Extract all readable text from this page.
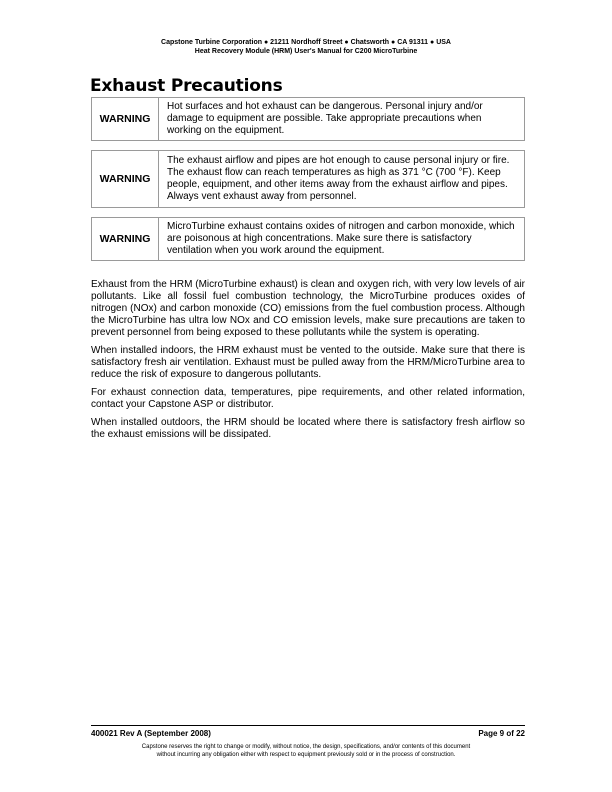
Capstone Turbine Corporation ● 21211 Nordhoff Street ● Chatsworth ● CA 91311 ● USA
Heat Recovery Module (HRM) User's Manual for C200 MicroTurbine
Exhaust Precautions
WARNING	Hot surfaces and hot exhaust can be dangerous. Personal injury and/or damage to equipment are possible. Take appropriate precautions when working on the equipment.
WARNING	The exhaust airflow and pipes are hot enough to cause personal injury or fire. The exhaust flow can reach temperatures as high as 371 °C (700 °F). Keep people, equipment, and other items away from the exhaust airflow and pipes. Always vent exhaust away from personnel.
WARNING	MicroTurbine exhaust contains oxides of nitrogen and carbon monoxide, which are poisonous at high concentrations. Make sure there is satisfactory ventilation when you work around the equipment.

Exhaust from the HRM (MicroTurbine exhaust) is clean and oxygen rich, with very low levels of air pollutants. Like all fossil fuel combustion technology, the MicroTurbine produces oxides of nitrogen (NOx) and carbon monoxide (CO) emissions from the fuel combustion process. Although the MicroTurbine has ultra low NOx and CO emission levels, make sure precautions are taken to prevent personnel from being exposed to these pollutants while the system is operating.

When installed indoors, the HRM exhaust must be vented to the outside. Make sure that there is satisfactory fresh air ventilation. Exhaust must be pulled away from the HRM/MicroTurbine area to reduce the risk of exposure to dangerous pollutants.

For exhaust connection data, temperatures, pipe requirements, and other related information, contact your Capstone ASP or distributor.

When installed outdoors, the HRM should be located where there is satisfactory fresh airflow so the exhaust emissions will be dissipated.

400021 Rev A (September 2008)	Page 9 of 22
Capstone reserves the right to change or modify, without notice, the design, specifications, and/or contents of this document
without incurring any obligation either with respect to equipment previously sold or in the process of construction.
